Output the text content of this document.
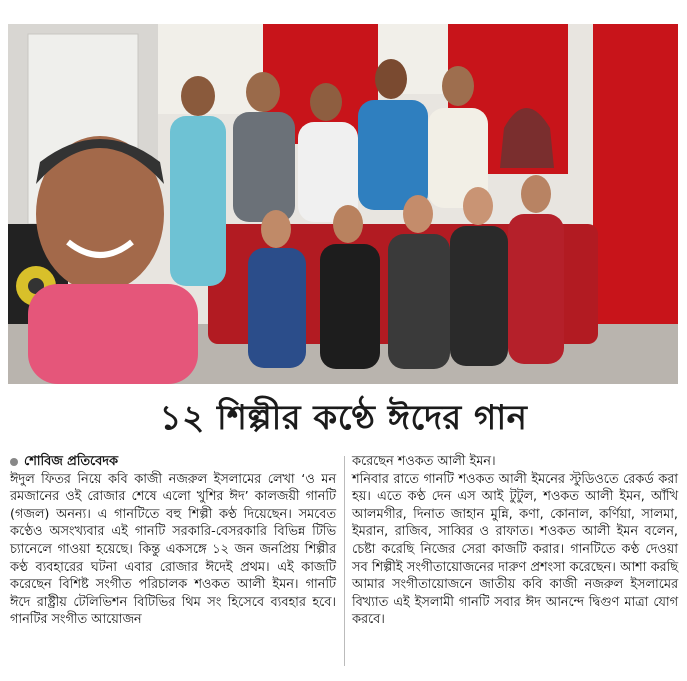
১২ শিল্পীর কণ্ঠে ঈদের গান
শোবিজ প্রতিবেদক

ঈদুল ফিতর নিয়ে কবি কাজী নজরুল ইসলামের লেখা ‘ও মন রমজানের ওই রোজার শেষে এলো খুশির ঈদ’ কালজয়ী গানটি (গজল) অনন্য। এ গানটিতে বহু শিল্পী কণ্ঠ দিয়েছেন। সমবেত কণ্ঠেও অসংখ্যবার এই গানটি সরকারি-বেসরকারি বিভিন্ন টিভি চ্যানেলে গাওয়া হয়েছে। কিন্তু একসঙ্গে ১২ জন জনপ্রিয় শিল্পীর কণ্ঠ ব্যবহারের ঘটনা এবার রোজার ঈদেই প্রথম। এই কাজটি করেছেন বিশিষ্ট সংগীত পরিচালক শওকত আলী ইমন। গানটি ঈদে রাষ্ট্রীয় টেলিভিশন বিটিভির থিম সং হিসেবে ব্যবহার হবে। গানটির সংগীত আয়োজন

করেছেন শওকত আলী ইমন।

শনিবার রাতে গানটি শওকত আলী ইমনের স্টুডিওতে রেকর্ড করা হয়। এতে কণ্ঠ দেন এস আই টুটুল, শওকত আলী ইমন, আঁখি আলমগীর, দিনাত জাহান মুন্নি, কণা, কোনাল, কর্ণিয়া, সালমা, ইমরান, রাজিব, সাব্বির ও রাফাত। শওকত আলী ইমন বলেন, চেষ্টা করেছি নিজের সেরা কাজটি করার। গানটিতে কণ্ঠ দেওয়া সব শিল্পীই সংগীতায়োজনের দারুণ প্রশংসা করেছেন। আশা করছি আমার সংগীতায়োজনে জাতীয় কবি কাজী নজরুল ইসলামের বিখ্যাত এই ইসলামী গানটি সবার ঈদ আনন্দে দ্বিগুণ মাত্রা যোগ করবে।
